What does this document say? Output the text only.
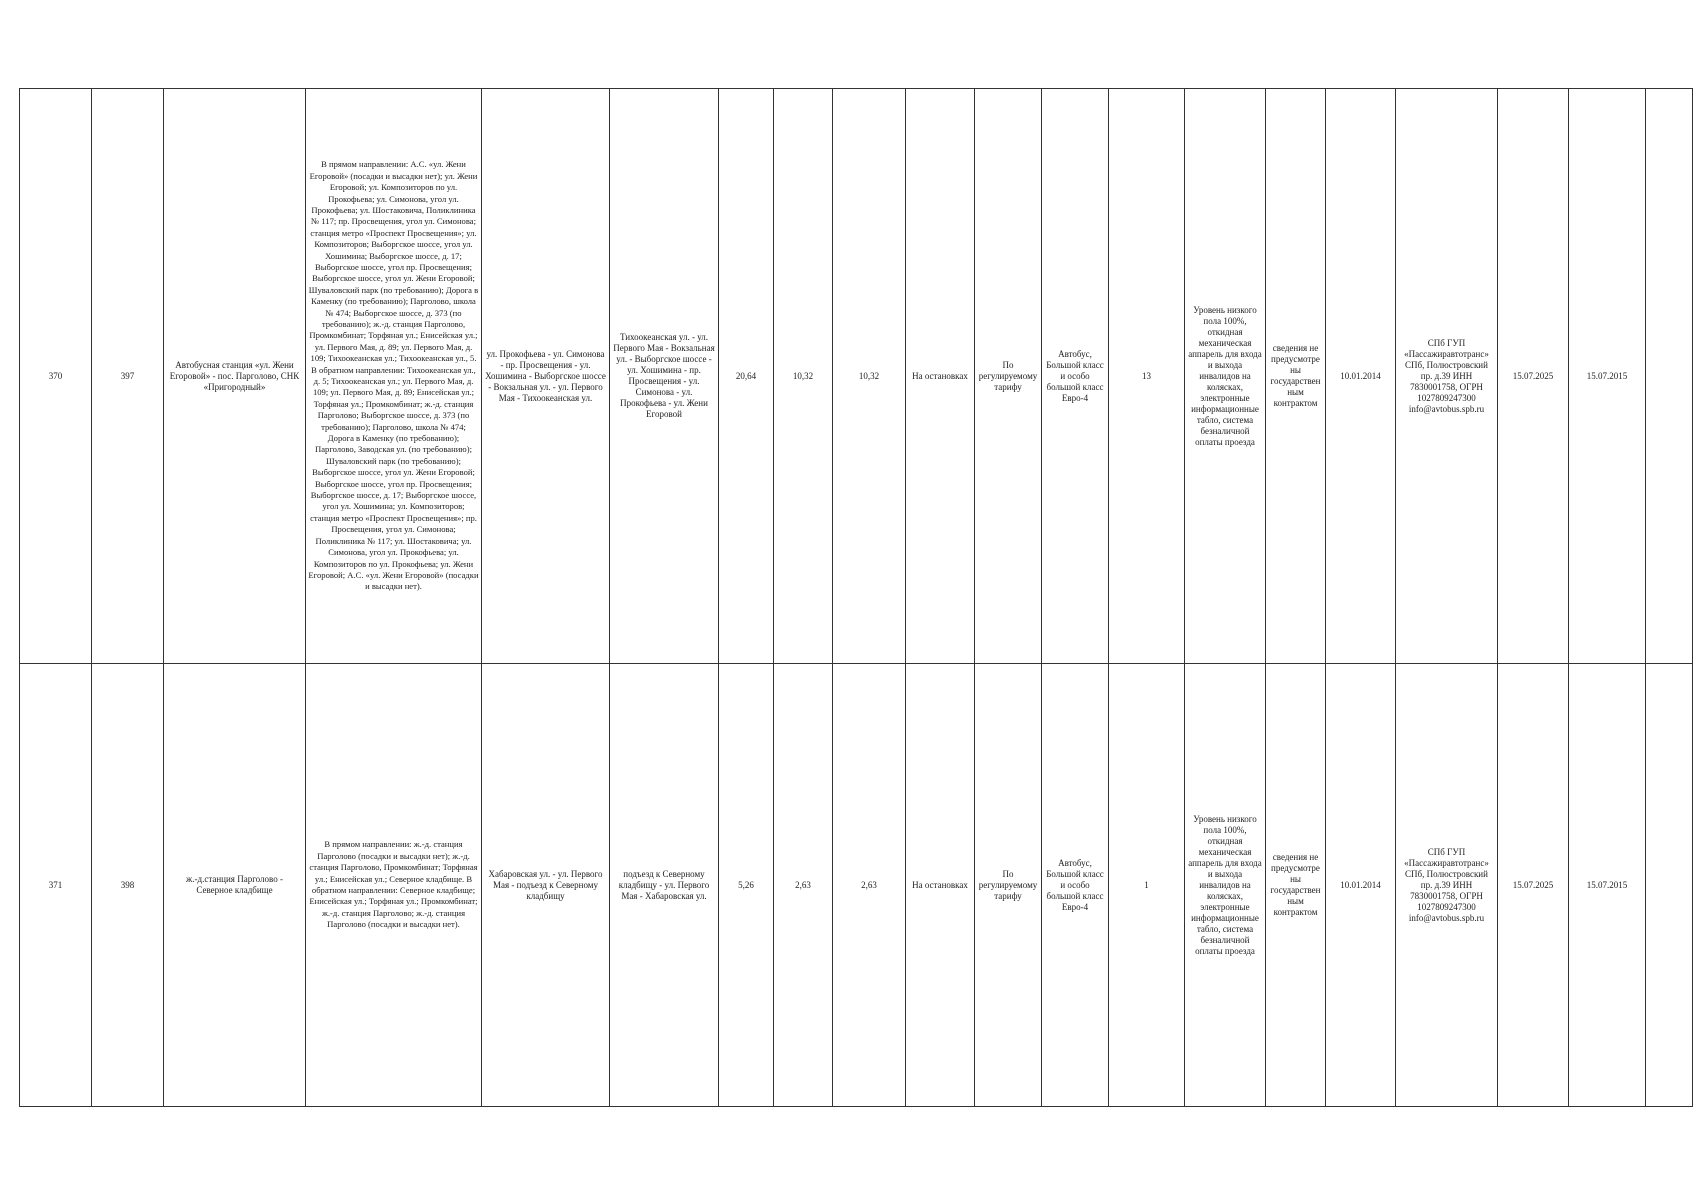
370	397	Автобусная станция «ул. Жени Егоровой» - пос. Парголово, СНК «Пригородный»	В прямом направлении: А.С. «ул. Жени Егоровой» (посадки и высадки нет); ул. Жени Егоровой; ул. Композиторов по ул. Прокофьева; ул. Симонова, угол ул. Прокофьева; ул. Шостаковича, Поликлиника № 117; пр. Просвещения, угол ул. Симонова; станция метро «Проспект Просвещения»; ул. Композиторов; Выборгское шоссе, угол ул. Хошимина; Выборгское шоссе, д. 17; Выборгское шоссе, угол пр. Просвещения; Выборгское шоссе, угол ул. Жени Егоровой; Шуваловский парк (по требованию); Дорога в Каменку (по требованию); Парголово, школа № 474; Выборгское шоссе, д. 373 (по требованию); ж.-д. станция Парголово, Промкомбинат; Торфяная ул.; Енисейская ул.; ул. Первого Мая, д. 89; ул. Первого Мая, д. 109; Тихоокеанская ул.; Тихоокеанская ул., 5. В обратном направлении: Тихоокеанская ул., д. 5; Тихоокеанская ул.; ул. Первого Мая, д. 109; ул. Первого Мая, д. 89; Енисейская ул.; Торфяная ул.; Промкомбинат; ж.-д. станция Парголово; Выборгское шоссе, д. 373 (по требованию); Парголово, школа № 474; Дорога в Каменку (по требованию); Парголово, Заводская ул. (по требованию); Шуваловский парк (по требованию); Выборгское шоссе, угол ул. Жени Егоровой; Выборгское шоссе, угол пр. Просвещения; Выборгское шоссе, д. 17; Выборгское шоссе, угол ул. Хошимина; ул. Композиторов; станция метро «Проспект Просвещения»; пр. Просвещения, угол ул. Симонова; Поликлиника № 117; ул. Шостаковича; ул. Симонова, угол ул. Прокофьева; ул. Композиторов по ул. Прокофьева; ул. Жени Егоровой; А.С. «ул. Жени Егоровой» (посадки и высадки нет).	ул. Прокофьева - ул. Симонова - пр. Просвещения - ул. Хошимина - Выборгское шоссе - Вокзальная ул. - ул. Первого Мая - Тихоокеанская ул.	Тихоокеанская ул. - ул. Первого Мая - Вокзальная ул. - Выборгское шоссе - ул. Хошимина - пр. Просвещения - ул. Симонова - ул. Прокофьева - ул. Жени Егоровой	20,64	10,32	10,32	На остановках	По регулируемому тарифу	Автобус, Большой класс и особо большой класс Евро-4	13	Уровень низкого пола 100%, откидная механическая аппарель для входа и выхода инвалидов на колясках, электронные информационные табло, система безналичной оплаты проезда	сведения не предусмотрены государственным контрактом	10.01.2014	СПб ГУП «Пассажиравтотранс» СПб, Полюстровский пр. д.39 ИНН 7830001758, ОГРН 1027809247300 info@avtobus.spb.ru	15.07.2025	15.07.2015	
371	398	ж.-д.станция Парголово - Северное кладбище	В прямом направлении: ж.-д. станция Парголово (посадки и высадки нет); ж.-д. станция Парголово, Промкомбинат; Торфяная ул.; Енисейская ул.; Северное кладбище. В обратном направлении: Северное кладбище; Енисейская ул.; Торфяная ул.; Промкомбинат; ж.-д. станция Парголово; ж.-д. станция Парголово (посадки и высадки нет).	Хабаровская ул. - ул. Первого Мая - подъезд к Северному кладбищу	подъезд к Северному кладбищу - ул. Первого Мая - Хабаровская ул.	5,26	2,63	2,63	На остановках	По регулируемому тарифу	Автобус, Большой класс и особо большой класс Евро-4	1	Уровень низкого пола 100%, откидная механическая аппарель для входа и выхода инвалидов на колясках, электронные информационные табло, система безналичной оплаты проезда	сведения не предусмотрены государственным контрактом	10.01.2014	СПб ГУП «Пассажиравтотранс» СПб, Полюстровский пр. д.39 ИНН 7830001758, ОГРН 1027809247300 info@avtobus.spb.ru	15.07.2025	15.07.2015	
